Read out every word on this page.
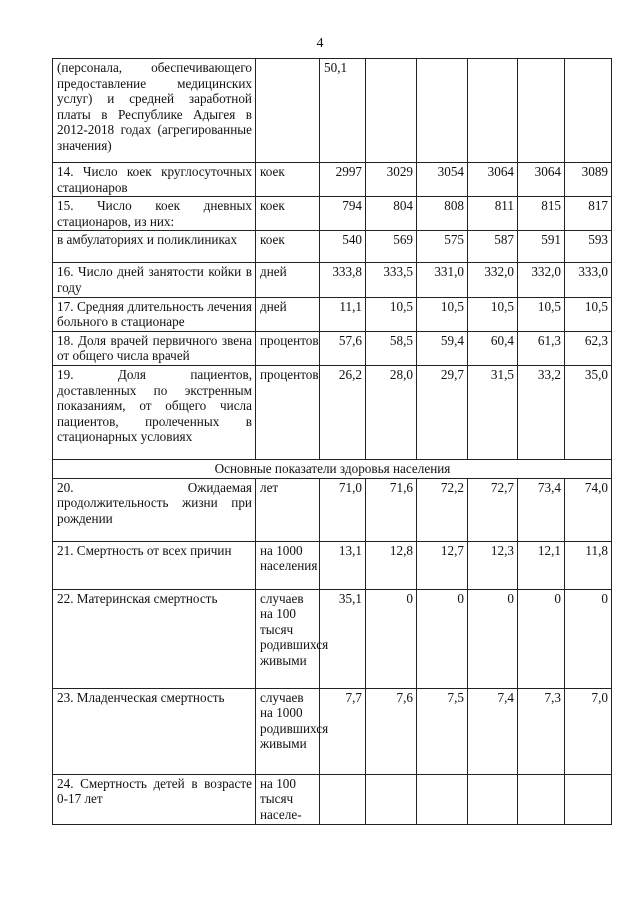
4
(персонала, обеспечивающего предоставление медицинских услуг) и средней заработной платы в Республике Адыгея в 2012-2018 годах (агрегированные значения)		50,1					
14. Число коек круглосуточных стационаров	коек	2997	3029	3054	3064	3064	3089
15. Число коек дневных стационаров, из них:	коек	794	804	808	811	815	817
в амбулаториях и поликлиниках	коек	540	569	575	587	591	593
16. Число дней занятости койки в году	дней	333,8	333,5	331,0	332,0	332,0	333,0
17. Средняя длительность лечения больного в стационаре	дней	11,1	10,5	10,5	10,5	10,5	10,5
18. Доля врачей первичного звена от общего числа врачей	процентов	57,6	58,5	59,4	60,4	61,3	62,3
19. Доля пациентов, доставленных по экстренным показаниям, от общего числа пациентов, пролеченных в стационарных условиях	процентов	26,2	28,0	29,7	31,5	33,2	35,0
Основные показатели здоровья населения							
20. Ожидаемая продолжительность жизни при рождении	лет	71,0	71,6	72,2	72,7	73,4	74,0
21. Смертность от всех причин	на 1000 населения	13,1	12,8	12,7	12,3	12,1	11,8
22. Материнская смертность	случаев на 100 тысяч родившихся живыми	35,1	0	0	0	0	0
23. Младенческая смертность	случаев на 1000 родившихся живыми	7,7	7,6	7,5	7,4	7,3	7,0
24. Смертность детей в возрасте 0-17 лет	на 100 тысяч населе-						
